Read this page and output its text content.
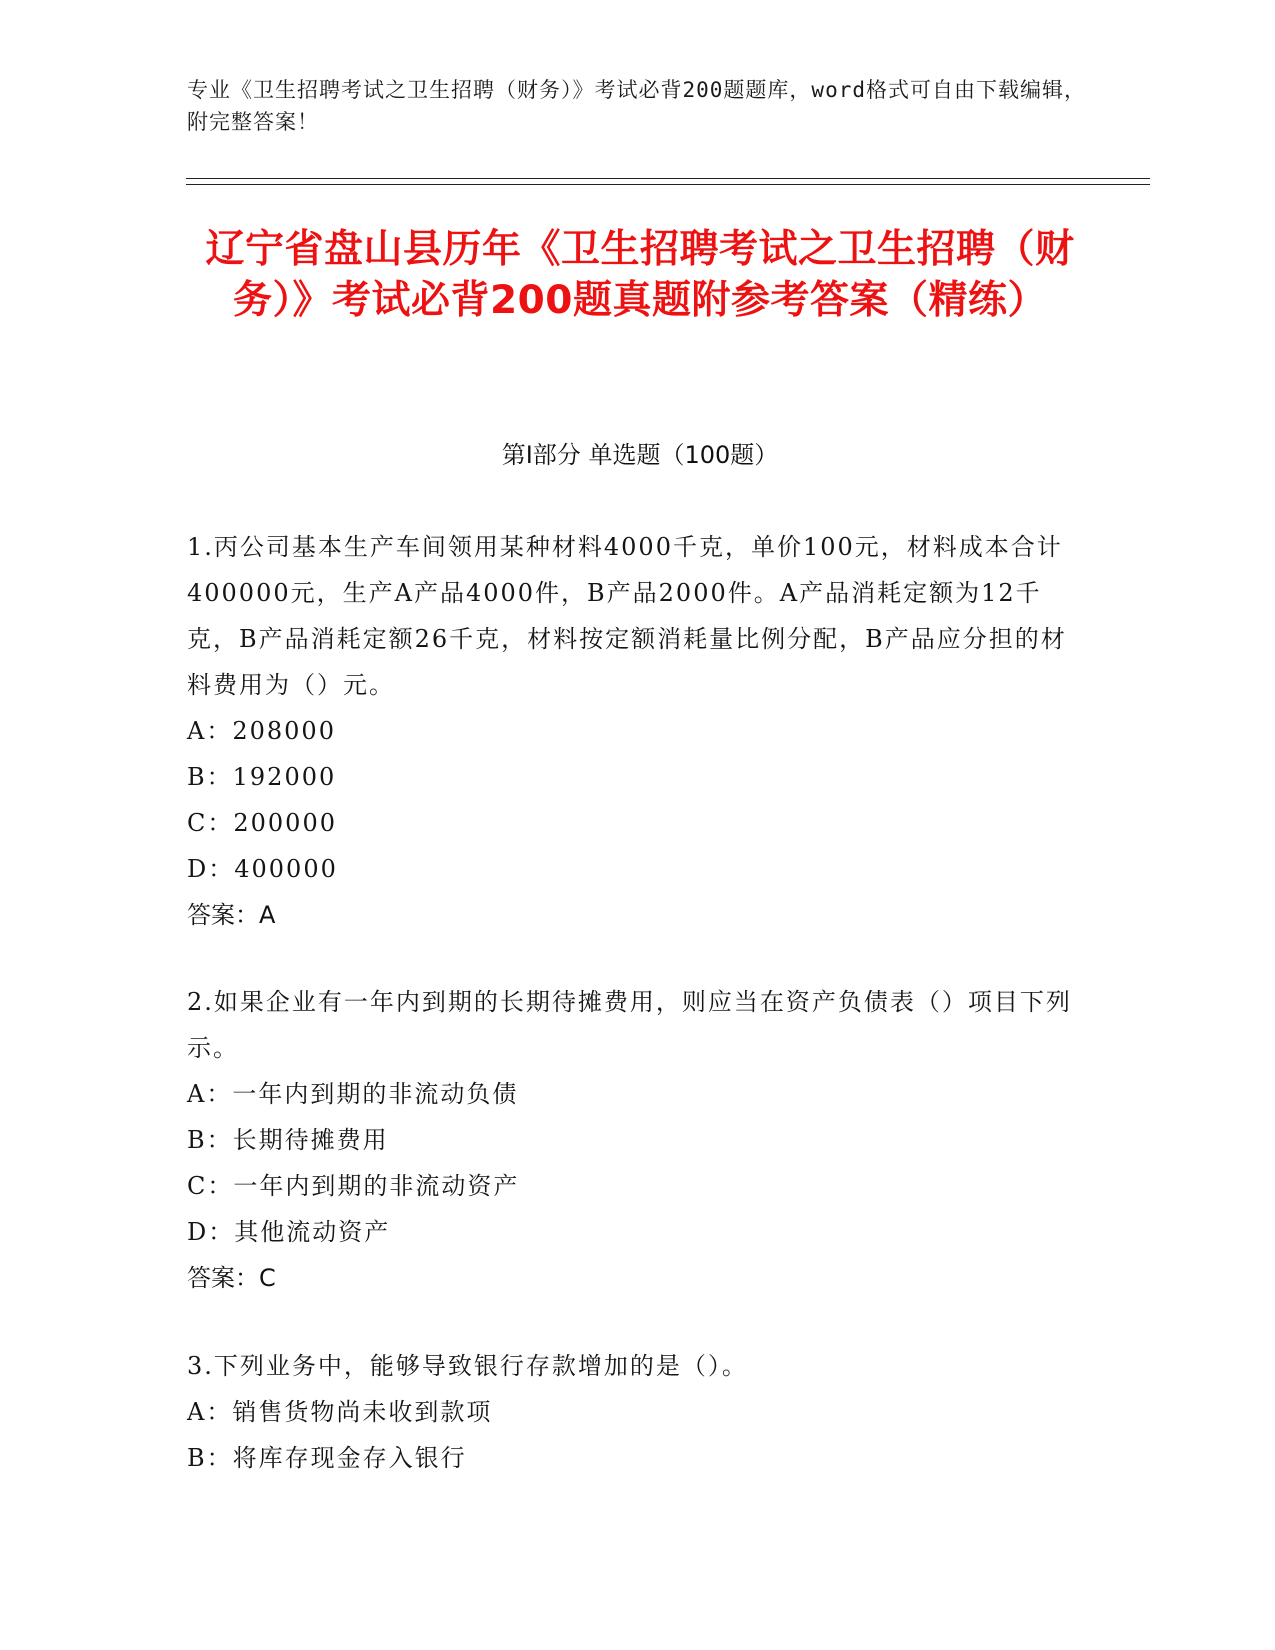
专业《卫生招聘考试之卫生招聘（财务）》考试必背200题题库，word格式可自由下载编辑，附完整答案！
辽宁省盘山县历年《卫生招聘考试之卫生招聘（财务）》考试必背200题真题附参考答案（精练）
第Ⅰ部分 单选题（100题）

1.丙公司基本生产车间领用某种材料4000千克，单价100元，材料成本合计400000元，生产A产品4000件，B产品2000件。A产品消耗定额为12千克，B产品消耗定额26千克，材料按定额消耗量比例分配，B产品应分担的材料费用为（）元。

A：208000
B：192000
C：200000
D：400000
答案：A

2.如果企业有一年内到期的长期待摊费用，则应当在资产负债表（）项目下列示。

A：一年内到期的非流动负债
B：长期待摊费用
C：一年内到期的非流动资产
D：其他流动资产
答案：C

3.下列业务中，能够导致银行存款增加的是（）。

A：销售货物尚未收到款项
B：将库存现金存入银行
